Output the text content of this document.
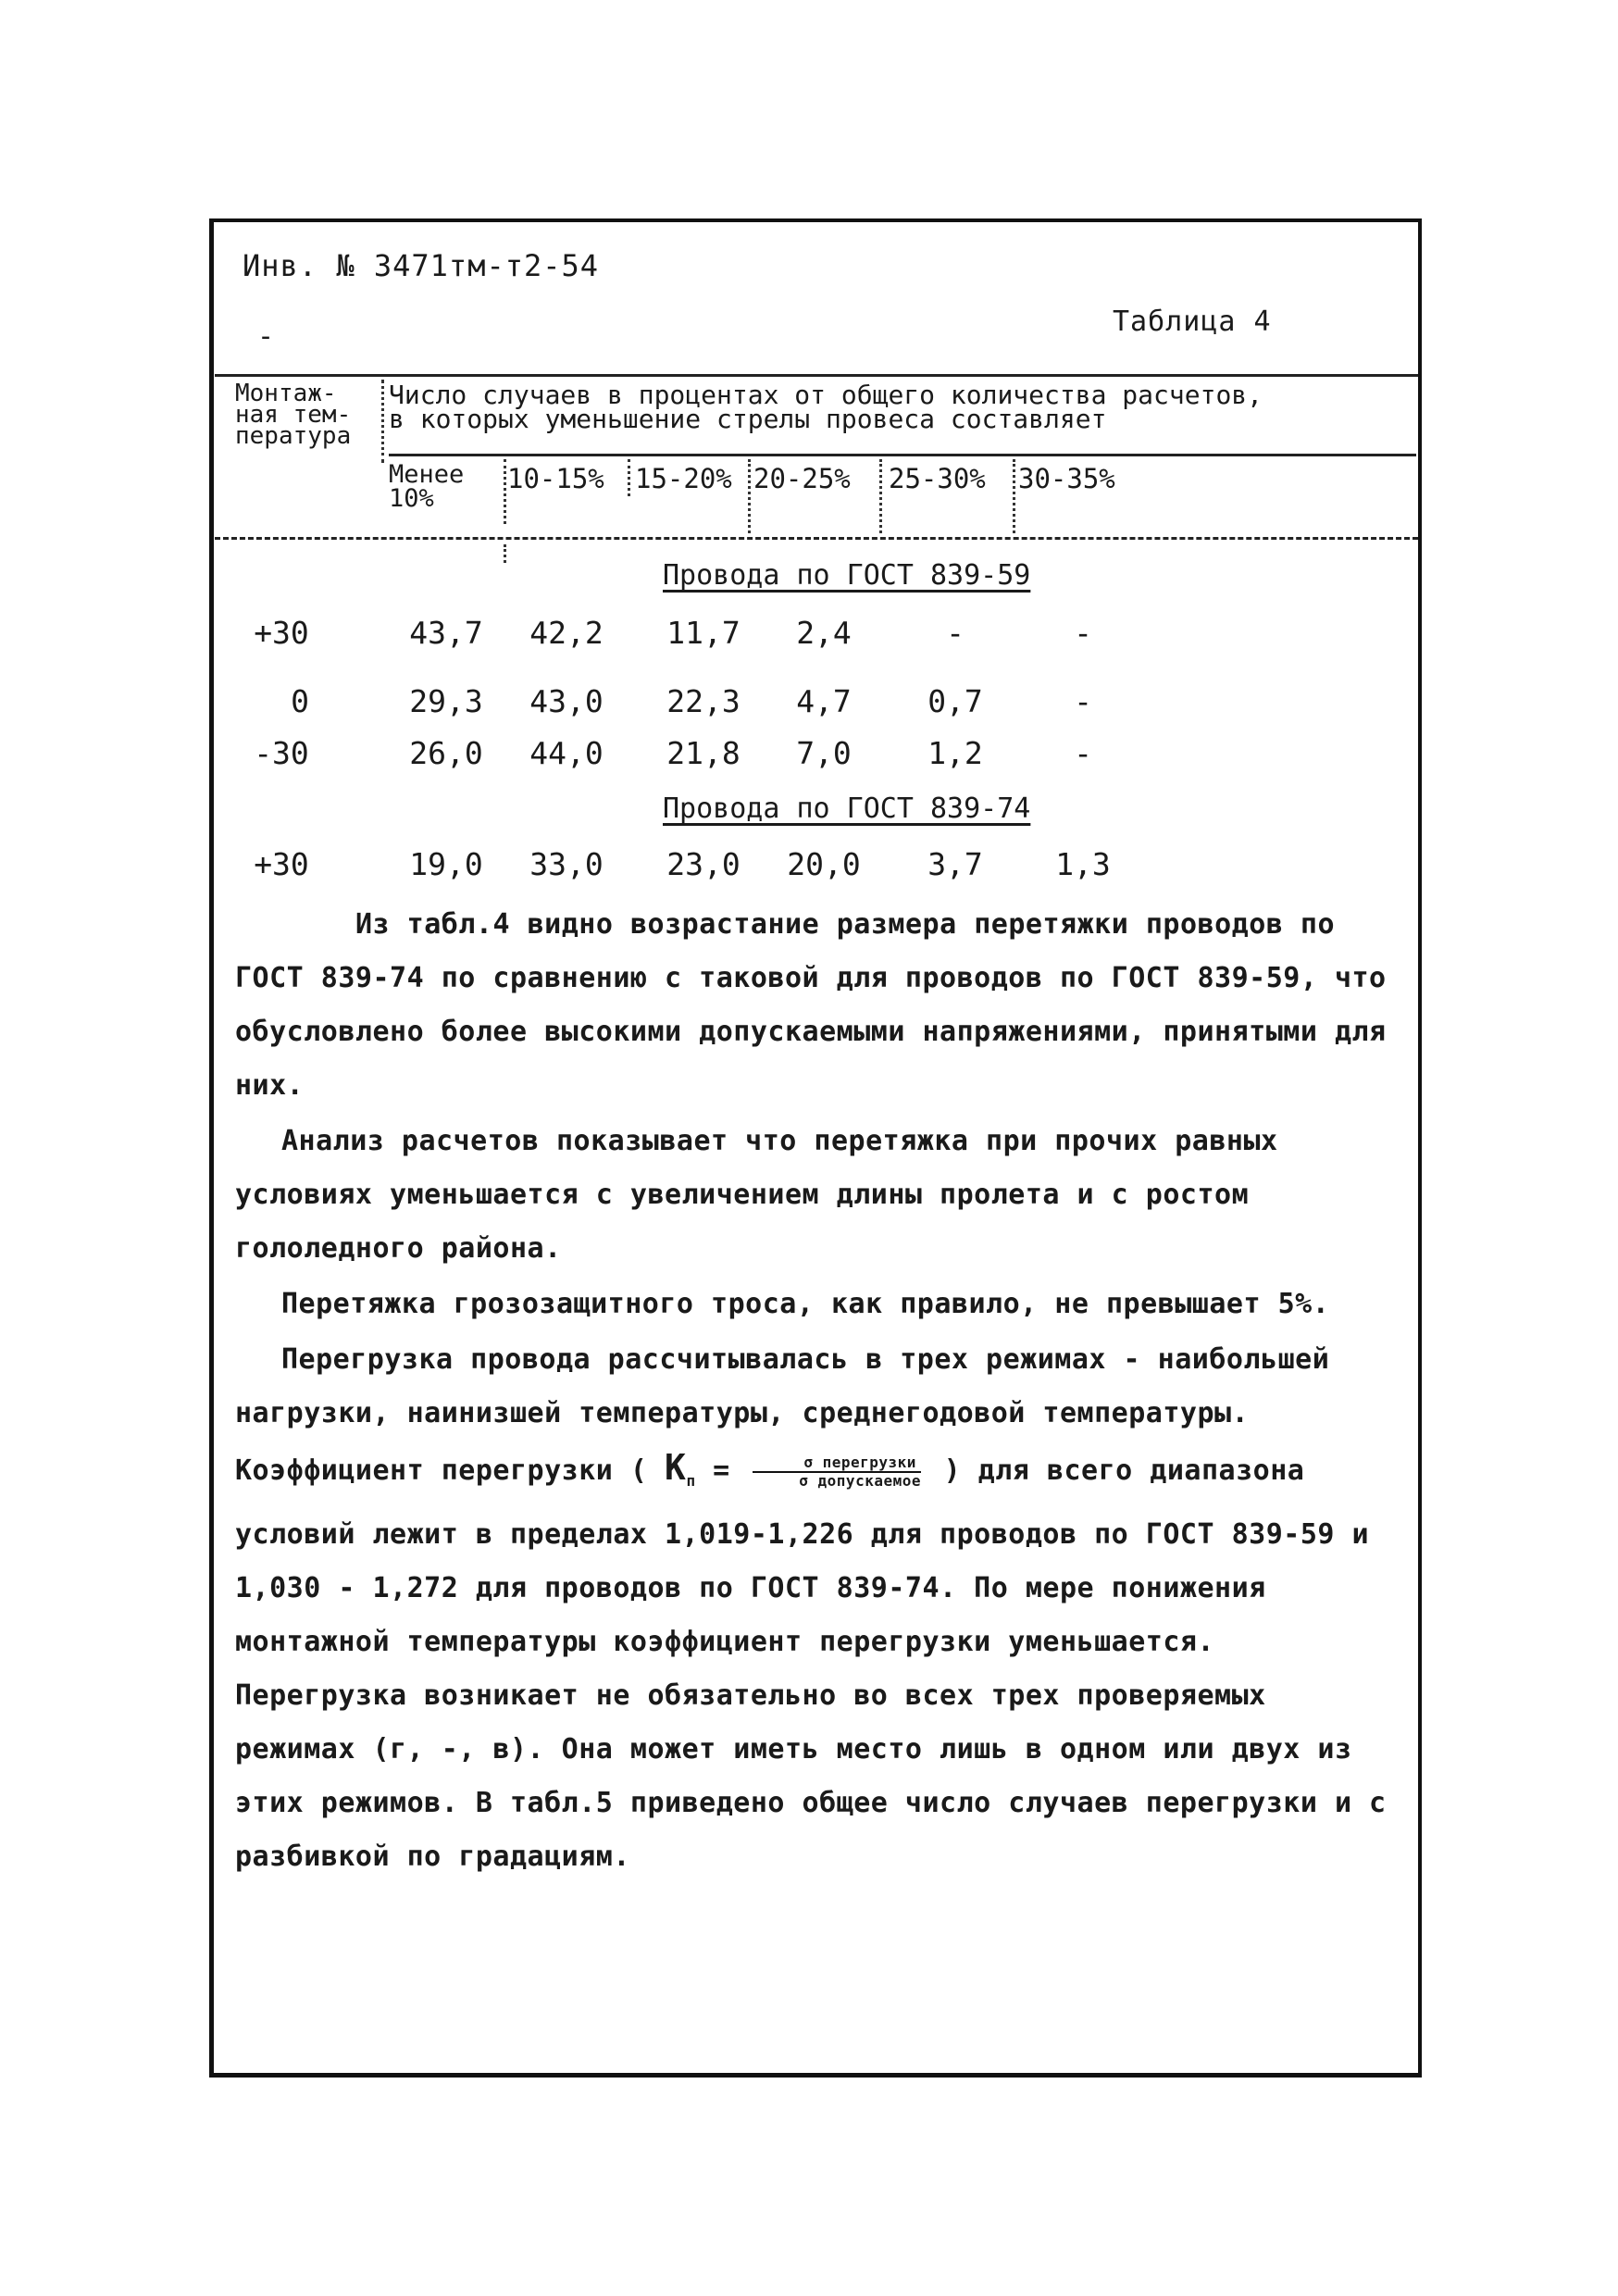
Инв. № 3471тм-т2-54
-	Таблица 4
Монтаж-
ная тем-
пература
Число случаев в процентах от общего количества расчетов,
в которых уменьшение стрелы провеса составляет
Менее
10%
10-15% 15-20% 20-25% 25-30% 30-35%
Провода по ГОСТ 839-59
+30	43,7	42,2	11,7	2,4	-	-
0	29,3	43,0	22,3	4,7	0,7	-
-30	26,0	44,0	21,8	7,0	1,2	-
Провода по ГОСТ 839-74
+30	19,0	33,0	23,0	20,0	3,7	1,3
Из табл.4 видно возрастание размера перетяжки проводов по ГОСТ 839-74 по сравнению с таковой для проводов по ГОСТ 839-59, что обусловлено более высокими допускаемыми напряжениями, принятыми для них.
Анализ расчетов показывает что перетяжка при прочих равных условиях уменьшается с увеличением длины пролета и с ростом гололедного района.
Перетяжка грозозащитного троса, как правило, не превышает 5%.
Перегрузка провода рассчитывалась в трех режимах - наибольшей нагрузки, наинизшей температуры, среднегодовой температуры. Коэффициент перегрузки ( $K_п$ =	σ перегрузки
σ допускаемое ) для всего диапазона условий лежит в пределах 1,019-1,226 для проводов по ГОСТ 839-59 и 1,030 - 1,272 для проводов по ГОСТ 839-74. По мере понижения монтажной температуры коэффициент перегрузки уменьшается. Перегрузка возникает не обязательно во всех трех проверяемых режимах (г, -, в). Она может иметь место лишь в одном или двух из этих режимов. В табл.5 приведено общее число случаев перегрузки и с разбивкой по градациям.
